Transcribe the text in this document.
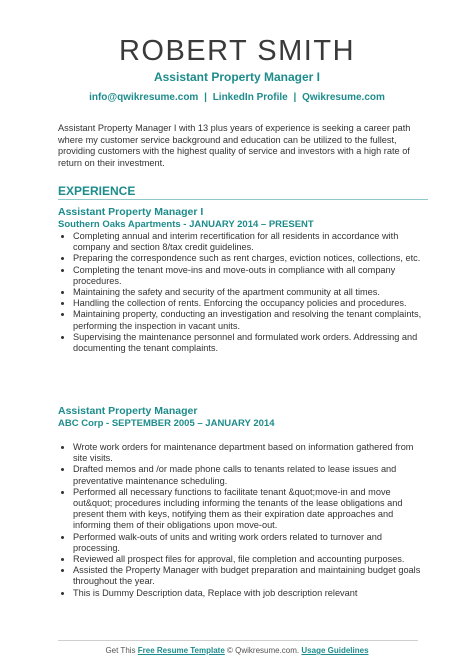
ROBERT SMITH
Assistant Property Manager I
info@qwikresume.com | LinkedIn Profile | Qwikresume.com
Assistant Property Manager I with 13 plus years of experience is seeking a career path where my customer service background and education can be utilized to the fullest, providing customers with the highest quality of service and investors with a high rate of return on their investment.
EXPERIENCE
Assistant Property Manager I
Southern Oaks Apartments - JANUARY 2014 – PRESENT
• Completing annual and interim recertification for all residents in accordance with company and section 8/tax credit guidelines.
• Preparing the correspondence such as rent charges, eviction notices, collections, etc.
• Completing the tenant move-ins and move-outs in compliance with all company procedures.
• Maintaining the safety and security of the apartment community at all times.
• Handling the collection of rents. Enforcing the occupancy policies and procedures.
• Maintaining property, conducting an investigation and resolving the tenant complaints, performing the inspection in vacant units.
• Supervising the maintenance personnel and formulated work orders. Addressing and documenting the tenant complaints.
Assistant Property Manager
ABC Corp - SEPTEMBER 2005 – JANUARY 2014
• Wrote work orders for maintenance department based on information gathered from site visits.
• Drafted memos and /or made phone calls to tenants related to lease issues and preventative maintenance scheduling.
• Performed all necessary functions to facilitate tenant &quot;move-in and move out&quot; procedures including informing the tenants of the lease obligations and present them with keys, notifying them as their expiration date approaches and informing them of their obligations upon move-out.
• Performed walk-outs of units and writing work orders related to turnover and processing.
• Reviewed all prospect files for approval, file completion and accounting purposes.
• Assisted the Property Manager with budget preparation and maintaining budget goals throughout the year.
• This is Dummy Description data, Replace with job description relevant
Get This Free Resume Template © Qwikresume.com. Usage Guidelines
